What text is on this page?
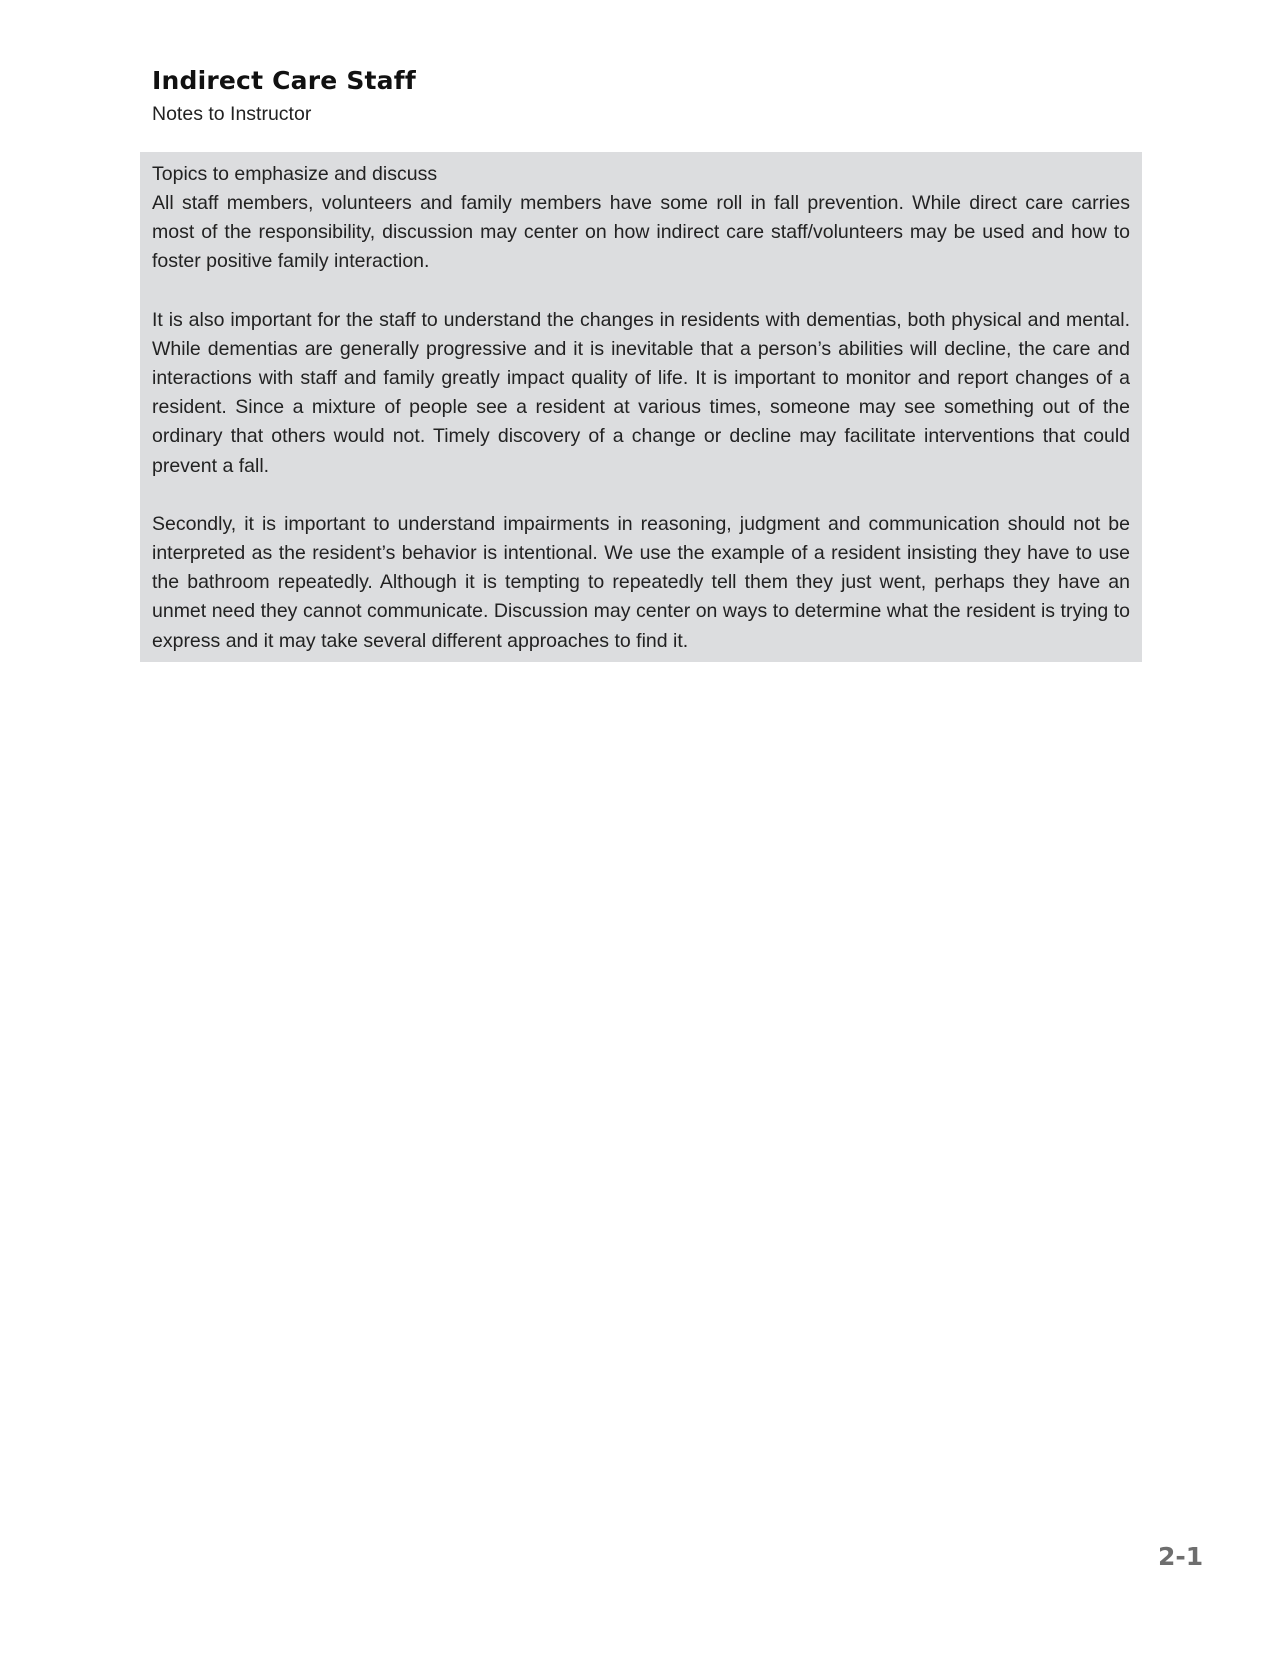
Indirect Care Staff

Notes to Instructor

Topics to emphasize and discuss

All staff members, volunteers and family members have some roll in fall prevention. While direct care carries most of the responsibility, discussion may center on how indirect care staff/volunteers may be used and how to foster positive family interaction.

It is also important for the staff to understand the changes in residents with dementias, both physical and mental. While dementias are generally progressive and it is inevitable that a person’s abilities will decline, the care and interactions with staff and family greatly impact quality of life. It is important to monitor and report changes of a resident. Since a mixture of people see a resident at various times, someone may see something out of the ordinary that others would not. Timely discovery of a change or decline may facilitate interventions that could prevent a fall.

Secondly, it is important to understand impairments in reasoning, judgment and communication should not be interpreted as the resident’s behavior is intentional. We use the example of a resident insisting they have to use the bathroom repeatedly. Although it is tempting to repeatedly tell them they just went, perhaps they have an unmet need they cannot communicate. Discussion may center on ways to determine what the resident is trying to express and it may take several different approaches to find it.

2-1
